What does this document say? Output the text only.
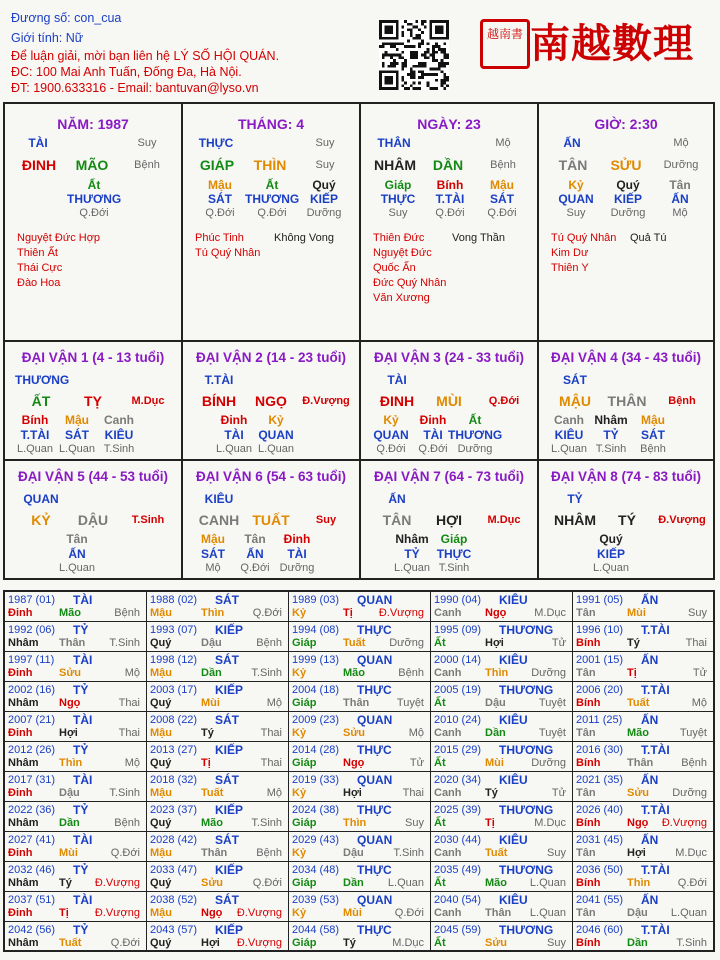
Đương số: con_cua
Giới tính: Nữ
Để luận giải, mời bạn liên hệ LÝ SỐ HỘI QUÁN.
ĐC: 100 Mai Anh Tuấn, Đống Đa, Hà Nội.
ĐT: 1900.633316 - Email: bantuvan@lyso.vn
越南書 南越數理
NĂM: 1987
TÀI	Suy
ĐINH	MÃO	Bệnh
Ất
THƯƠNG
Q.Đới
Nguyệt Đức Hợp
Thiên Ất
Thái Cực
Đào Hoa
THÁNG: 4
THỰC	Suy
GIÁP	THÌN	Suy
Mậu
SÁT
Q.Đới
Ất
THƯƠNG
Q.Đới
Quý
KIẾP
Dưỡng
Phúc Tinh
Tú Quý Nhân
Không Vong
NGÀY: 23
THÂN	Mộ
NHÂM	DẦN	Bệnh
Giáp
THỰC
Suy
Bính
T.TÀI
Q.Đới
Mậu
SÁT
Q.Đới
Thiên Đức
Nguyệt Đức
Quốc Ấn
Đức Quý Nhân
Văn Xương
Vong Thần
GIỜ: 2:30
ẤN	Mộ
TÂN	SỬU	Dưỡng
Kỷ
QUAN
Suy
Quý
KIẾP
Dưỡng
Tân
ẤN
Mộ
Tú Quý Nhân
Kim Dư
Thiên Y
Quả Tú
ĐẠI VẬN 1 (4 - 13 tuổi)
THƯƠNG
ẤT	TỴ	M.Dục
Bính
T.TÀI
L.Quan
Mậu
SÁT
L.Quan
Canh
KIÊU
T.Sinh
ĐẠI VẬN 2 (14 - 23 tuổi)
T.TÀI
BÍNH	NGỌ	Đ.Vượng
Đinh
TÀI
L.Quan
Kỷ
QUAN
L.Quan
ĐẠI VẬN 3 (24 - 33 tuổi)
TÀI
ĐINH	MÙI	Q.Đới
Kỷ
QUAN
Q.Đới
Đinh
TÀI
Q.Đới
Ất
THƯƠNG
Dưỡng
ĐẠI VẬN 4 (34 - 43 tuổi)
SÁT
MẬU	THÂN	Bệnh
Canh
KIÊU
L.Quan
Nhâm
TỶ
T.Sinh
Mậu
SÁT
Bệnh
ĐẠI VẬN 5 (44 - 53 tuổi)
QUAN
KỶ	DẬU	T.Sinh
Tân
ẤN
L.Quan
ĐẠI VẬN 6 (54 - 63 tuổi)
KIÊU
CANH TUẤT	Suy
Mậu
SÁT
Mộ
Tân
ẤN
Q.Đới
Đinh
TÀI
Dưỡng
ĐẠI VẬN 7 (64 - 73 tuổi)
ẤN
TÂN	HỢI	M.Dục
Nhâm
TỶ
L.Quan
Giáp
THỰC
T.Sinh
ĐẠI VẬN 8 (74 - 83 tuổi)
TỶ
NHÂM	TÝ	Đ.Vượng
Quý
KIẾP
L.Quan
1987 (01) TÀI
Đinh Mão	Bệnh
1988 (02) SÁT
Mậu	Thìn	Q.Đới
1989 (03) QUAN
Kỷ	Tị Đ.Vượng
1990 (04) KIÊU
Canh Ngọ	M.Dục
1991 (05) ẤN
Tân	Mùi	Suy
1992 (06) TỶ
Nhâm Thân T.Sinh
1993 (07) KIẾP
Quý	Dậu	Bệnh
1994 (08) THỰC
Giáp Tuất Dưỡng
1995 (09) THƯƠNG
Ất	Hợi	Tử
1996 (10) T.TÀI
Bính Tý	Thai
1997 (11) TÀI
Đinh Sửu	Mộ
1998 (12) SÁT
Mậu	Dần	T.Sinh
1999 (13) QUAN
Kỷ	Mão	Bệnh
2000 (14) KIÊU
Canh Thìn Dưỡng
2001 (15) ẤN
Tân	Tị	Tử
2002 (16) TỶ
Nhâm Ngọ	Thai
2003 (17) KIẾP
Quý	Mùi	Mộ
2004 (18) THỰC
Giáp Thân	Tuyệt
2005 (19) THƯƠNG
Ất	Dậu	Tuyệt
2006 (20) T.TÀI
Bính Tuất	Mộ
2007 (21) TÀI
Đinh Hợi	Thai
2008 (22) SÁT
Mậu	Tý	Thai
2009 (23) QUAN
Kỷ	Sửu	Mộ
2010 (24) KIÊU
Canh Dần	Tuyệt
2011 (25) ẤN
Tân	Mão	Tuyệt
2012 (26) TỶ
Nhâm Thìn	Mộ
2013 (27) KIẾP
Quý	Tị	Thai
2014 (28) THỰC
Giáp Ngọ	Tử
2015 (29) THƯƠNG
Ất	Mùi Dưỡng
2016 (30) T.TÀI
Bính Thân	Bệnh
2017 (31) TÀI
Đinh Dậu	T.Sinh
2018 (32) SÁT
Mậu	Tuất	Mộ
2019 (33) QUAN
Kỷ	Hợi	Thai
2020 (34) KIÊU
Canh Tý	Tử
2021 (35) ẤN
Tân	Sửu Dưỡng
2022 (36) TỶ
Nhâm Dần	Bệnh
2023 (37) KIẾP
Quý	Mão	T.Sinh
2024 (38) THỰC
Giáp Thìn	Suy
2025 (39) THƯƠNG
Ất	Tị	M.Dục
2026 (40) T.TÀI
Bính Ngọ Đ.Vượng
2027 (41) TÀI
Đinh Mùi	Q.Đới
2028 (42) SÁT
Mậu	Thân	Bệnh
2029 (43) QUAN
Kỷ	Dậu	T.Sinh
2030 (44) KIÊU
Canh Tuất	Suy
2031 (45) ẤN
Tân	Hợi	M.Dục
2032 (46) TỶ
Nhâm Tý Đ.Vượng
2033 (47) KIẾP
Quý	Sửu	Q.Đới
2034 (48) THỰC
Giáp Dần L.Quan
2035 (49) THƯƠNG
Ất	Mão L.Quan
2036 (50) T.TÀI
Bính Thìn	Q.Đới
2037 (51) TÀI
Đinh Tị Đ.Vượng
2038 (52) SÁT
Mậu	Ngọ Đ.Vượng
2039 (53) QUAN
Kỷ	Mùi	Q.Đới
2040 (54) KIÊU
Canh Thân L.Quan
2041 (55) ẤN
Tân	Dậu L.Quan
2042 (56) TỶ
Nhâm Tuất	Q.Đới
2043 (57) KIẾP
Quý	Hợi Đ.Vượng
2044 (58) THỰC
Giáp Tý	M.Dục
2045 (59) THƯƠNG
Ất	Sửu	Suy
2046 (60) T.TÀI
Bính Dần	T.Sinh
